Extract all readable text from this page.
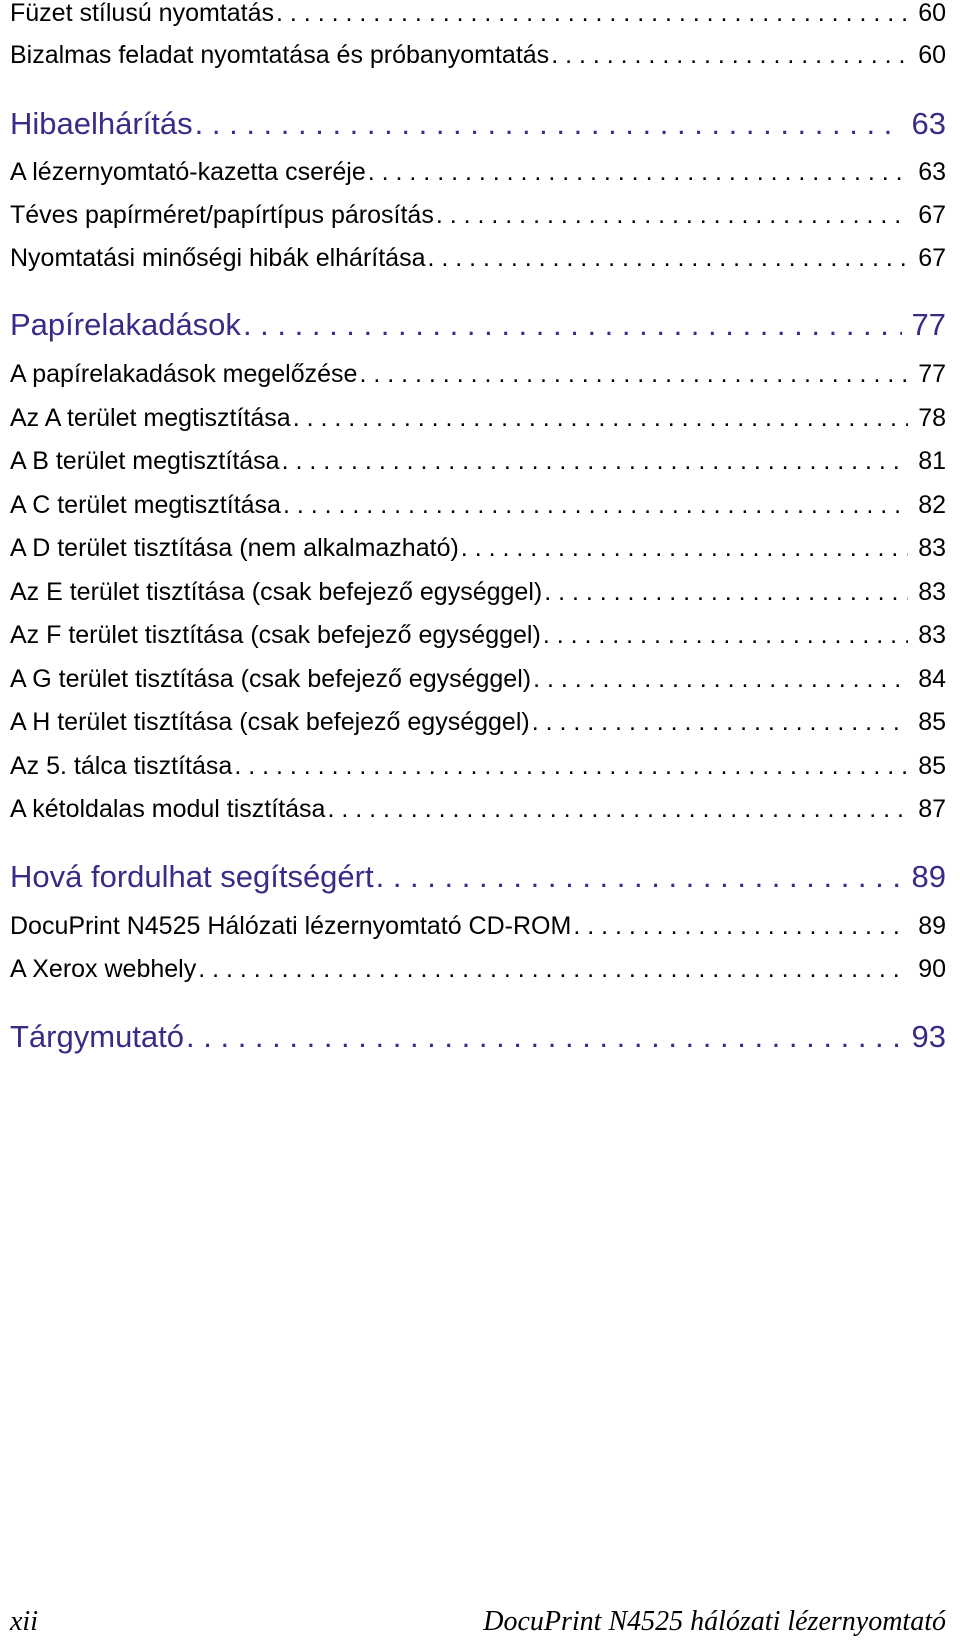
Füzet stílusú nyomtatás . . .	60
Bizalmas feladat nyomtatása és próbanyomtatás . . .	60
Hibaelhárítás . . .	63
A lézernyomtató-kazetta cseréje . . .	63
Téves papírméret/papírtípus párosítás . . .	67
Nyomtatási minőségi hibák elhárítása . . .	67
Papírelakadások . . .	77
A papírelakadások megelőzése . . .	77
Az A terület megtisztítása . . .	78
A B terület megtisztítása . . .	81
A C terület megtisztítása . . .	82
A D terület tisztítása (nem alkalmazható) . . .	83
Az E terület tisztítása (csak befejező egységgel) . . .	83
Az F terület tisztítása (csak befejező egységgel) . . .	83
A G terület tisztítása (csak befejező egységgel) . . .	84
A H terület tisztítása (csak befejező egységgel) . . .	85
Az 5. tálca tisztítása . . .	85
A kétoldalas modul tisztítása . . .	87
Hová fordulhat segítségért . . .	89
DocuPrint N4525 Hálózati lézernyomtató CD-ROM . . .	89
A Xerox webhely . . .	90
Tárgymutató . . .	93
xii	DocuPrint N4525 hálózati lézernyomtató
